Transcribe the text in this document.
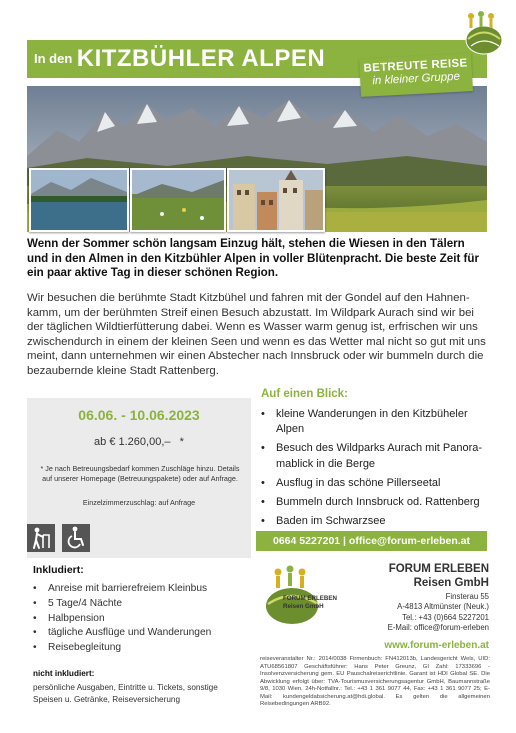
In den KITZBÜHLER ALPEN	BETREUTE REISE
in kleiner Gruppe
Wenn der Sommer schön langsam Einzug hält, stehen die Wiesen in den Tälern und in den Almen in den Kitzbühler Alpen in voller Blütenpracht. Die beste Zeit für ein paar aktive Tag in dieser schönen Region.
Wir besuchen die berühmte Stadt Kitzbühel und fahren mit der Gondel auf den Hahnenkamm, um der berühmten Streif einen Besuch abzustatt. Im Wildpark Aurach sind wir bei der täglichen Wildtierfütterung dabei. Wenn es Wasser warm genug ist, erfrischen wir uns zwischendurch in einem der kleinen Seen und wenn es das Wetter mal nicht so gut mit uns meint, dann unternehmen wir einen Abstecher nach Innsbruck oder wir bummeln durch die bezaubernde kleine Stadt Rattenberg.
Auf einen Blick:
• kleine Wanderungen in den Kitzbüheler Alpen
• Besuch des Wildparks Aurach mit Panoramablick in die Berge
• Ausflug in das schöne Pillerseetal
• Bummeln durch Innsbruck od. Rattenberg
• Baden im Schwarzsee
06.06. - 10.06.2023
ab € 1.260,00,–   *
* Je nach Betreuungsbedarf kommen Zuschläge hinzu. Details auf unserer Homepage (Betreuungspakete) oder auf Anfrage.
Einzelzimmerzuschlag: auf Anfrage
0664 5227201 | office@forum-erleben.at
Inkludiert:
• Anreise mit barrierefreiem Kleinbus
• 5 Tage/4 Nächte
• Halbpension
• tägliche Ausflüge und Wanderungen
• Reisebegleitung
nicht inkludiert:
persönliche Ausgaben, Eintritte u. Tickets, sonstige Speisen u. Getränke, Reiseversicherung
FORUM ERLEBEN
Reisen GmbH
FORUM ERLEBEN
Reisen GmbH
Finsterau 55
A-4813 Altmünster (Neuk.)
Tel.: +43 (0)664 5227201
E-Mail: office@forum-erleben
www.forum-erleben.at
reiseveranstalter Nr.: 2014/0038 Firmenbuch: FN412013b, Landesgericht Wels, UID: ATU68561807 Geschäftsführer: Hans Peter Greunz, GI Zahl: 17333696 - Insolvenzversicherung gem. EU Pauschalreiserichtlinie. Garant ist HDI Global SE. Die Abwicklung erfolgt über: TVA-Tourismusversicherungsagentur GmbH, Baumannstraße 9/8, 1030 Wien. 24h-Notfallnr.: Tel.: +43 1 361 9077 44, Fax: +43 1 361 9077 25; E-Mail: kundengeldabsicherung.at@hdi.global. Es gelten die allgemeinen Reisebedingungen ARB92.
